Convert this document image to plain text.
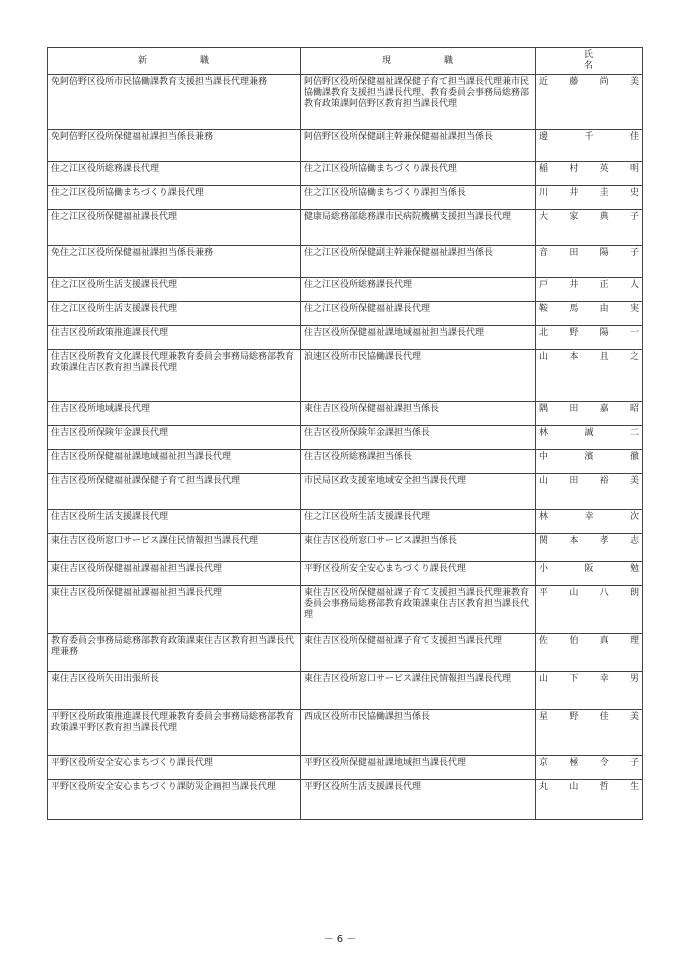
新　職	現　職	氏　名
免阿倍野区役所市民協働課教育支援担当課長代理兼務	阿倍野区役所保健福祉課保健子育て担当課長代理兼市民協働課教育支援担当課長代理、教育委員会事務局総務部教育政策課阿倍野区教育担当課長代理	近 藤 尚 美

免阿倍野区役所保健福祉課担当係長兼務	阿倍野区役所保健副主幹兼保健福祉課担当係長	邊 千 佳

住之江区役所総務課長代理	住之江区役所協働まちづくり課長代理	稲 村 英 明

住之江区役所協働まちづくり課長代理	住之江区役所協働まちづくり課担当係長	川 井 圭 史

住之江区役所保健福祉課長代理	健康局総務部総務課市民病院機構支援担当課長代理	大 家 典 子

免住之江区役所保健福祉課担当係長兼務	住之江区役所保健副主幹兼保健福祉課担当係長	音 田 陽 子

住之江区役所生活支援課長代理	住之江区役所総務課長代理	戸 井 正 人

住之江区役所生活支援課長代理	住之江区役所保健福祉課長代理	鞍 馬 由 実

住吉区役所政策推進課長代理	住吉区役所保健福祉課地域福祉担当課長代理	北 野 陽 一

住吉区役所教育文化課長代理兼教育委員会事務局総務部教育政策課住吉区教育担当課長代理	浪速区役所市民協働課長代理	山 本 且 之

住吉区役所地域課長代理	東住吉区役所保健福祉課担当係長	隅 田 嘉 昭

住吉区役所保険年金課長代理	住吉区役所保険年金課担当係長	林 誠 二

住吉区役所保健福祉課地域福祉担当課長代理	住吉区役所総務課担当係長	中 濱 徹

住吉区役所保健福祉課保健子育て担当課長代理	市民局区政支援室地域安全担当課長代理	山 田 裕 美

住吉区役所生活支援課長代理	住之江区役所生活支援課長代理	林 幸 次

東住吉区役所窓口サービス課住民情報担当課長代理	東住吉区役所窓口サービス課担当係長	関 本 孝 志

東住吉区役所保健福祉課福祉担当課長代理	平野区役所安全安心まちづくり課長代理	小 阪 勉

東住吉区役所保健福祉課福祉担当課長代理	東住吉区役所保健福祉課子育て支援担当課長代理兼教育委員会事務局総務部教育政策課東住吉区教育担当課長代理	平 山 八 朗

教育委員会事務局総務部教育政策課東住吉区教育担当課長代理兼務	東住吉区役所保健福祉課子育て支援担当課長代理	佐 伯 真 理

東住吉区役所矢田出張所長	東住吉区役所窓口サービス課住民情報担当課長代理	山 下 幸 男

平野区役所政策推進課長代理兼教育委員会事務局総務部教育政策課平野区教育担当課長代理	西成区役所市民協働課担当係長	星 野 佳 美

平野区役所安全安心まちづくり課長代理	平野区役所保健福祉課地域担当課長代理	京 極 令 子

平野区役所安全安心まちづくり課防災企画担当課長代理	平野区役所生活支援課長代理	丸 山 哲 生
－ 6 －
